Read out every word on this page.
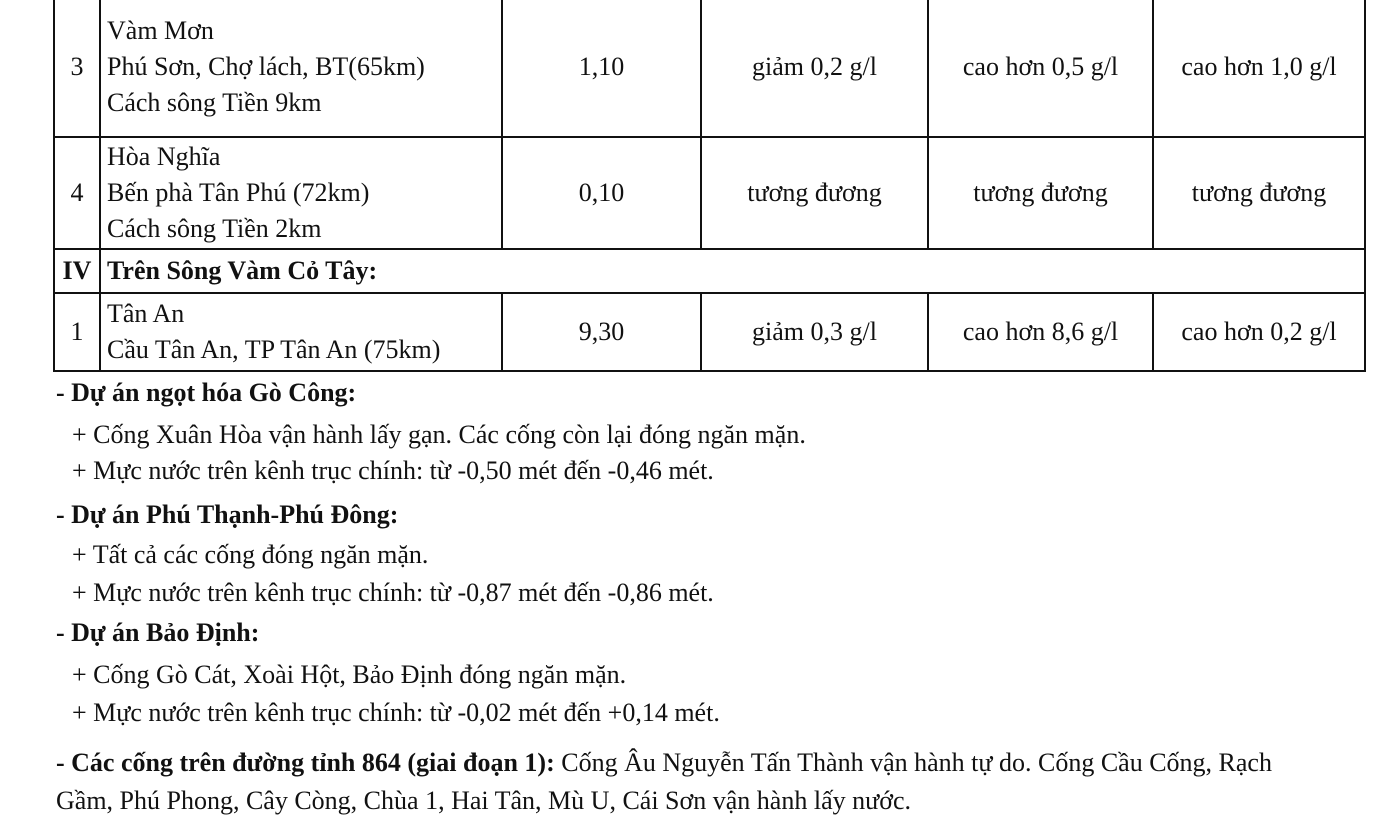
3	Vàm Mơn
Phú Sơn, Chợ lách, BT(65km)
Cách sông Tiền 9km	1,10	giảm 0,2 g/l	cao hơn 0,5 g/l	cao hơn 1,0 g/l
4	Hòa Nghĩa
Bến phà Tân Phú (72km)
Cách sông Tiền 2km	0,10	tương đương	tương đương	tương đương
IV	Trên Sông Vàm Cỏ Tây:				
1	Tân An
Cầu Tân An, TP Tân An (75km)	9,30	giảm 0,3 g/l	cao hơn 8,6 g/l	cao hơn 0,2 g/l
- Dự án ngọt hóa Gò Công:
+ Cống Xuân Hòa vận hành lấy gạn. Các cống còn lại đóng ngăn mặn.
+ Mực nước trên kênh trục chính: từ -0,50 mét đến -0,46 mét.
- Dự án Phú Thạnh-Phú Đông:
+ Tất cả các cống đóng ngăn mặn.
+ Mực nước trên kênh trục chính: từ -0,87 mét đến -0,86 mét.
- Dự án Bảo Định:
+ Cống Gò Cát, Xoài Hột, Bảo Định đóng ngăn mặn.
+ Mực nước trên kênh trục chính: từ -0,02 mét đến +0,14 mét.
- Các cống trên đường tỉnh 864 (giai đoạn 1): Cống Âu Nguyễn Tấn Thành vận hành tự do. Cống Cầu Cống, Rạch Gầm, Phú Phong, Cây Còng, Chùa 1, Hai Tân, Mù U, Cái Sơn vận hành lấy nước.
